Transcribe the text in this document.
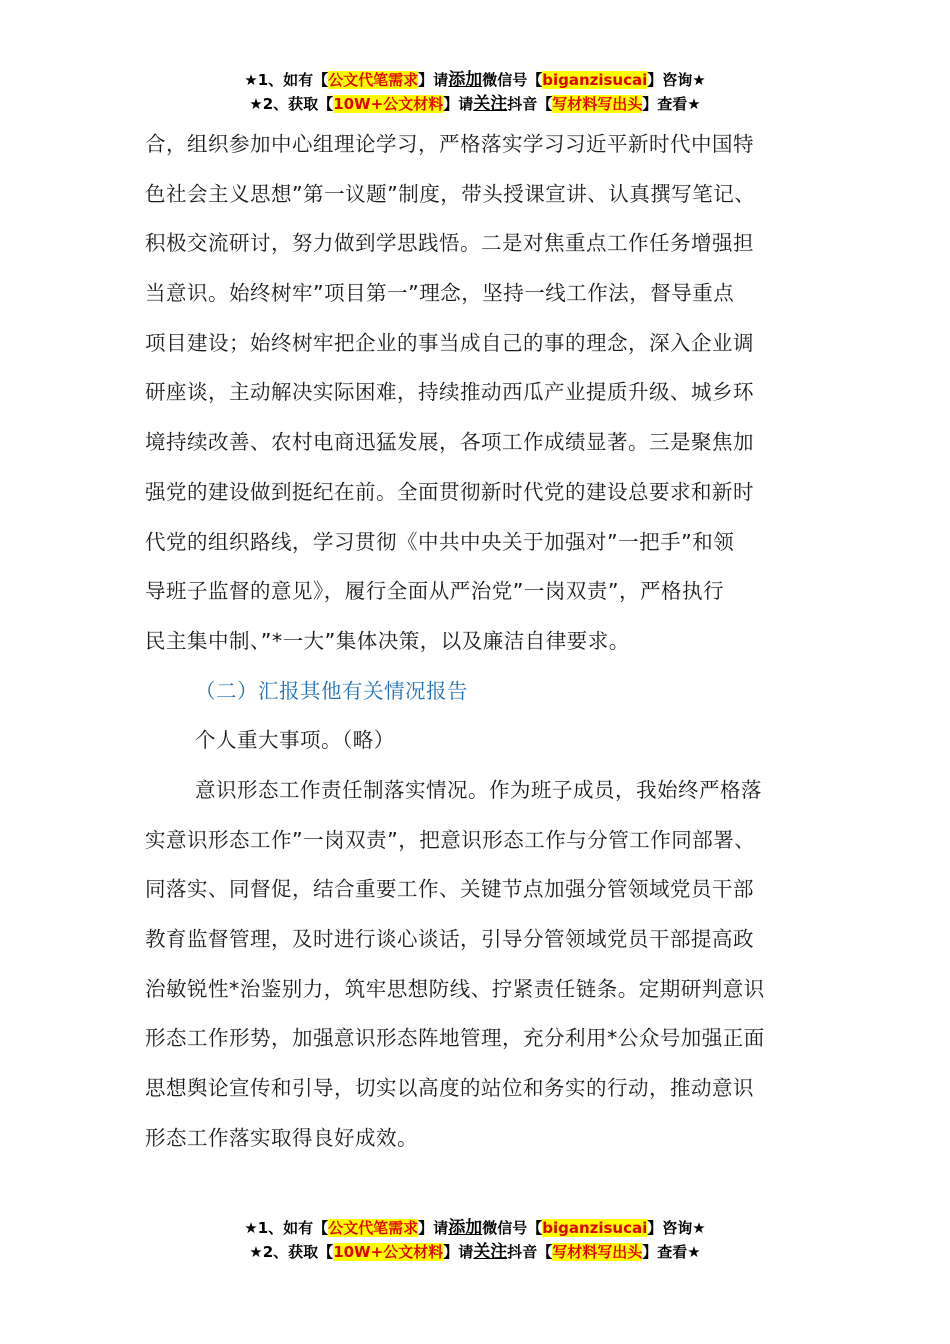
★1、如有【公文代笔需求】请添加微信号【biganzisucai】咨询★
★2、获取【10W+公文材料】请关注抖音【写材料写出头】查看★
合，组织参加中心组理论学习，严格落实学习习近平新时代中国特
色社会主义思想”第一议题”制度，带头授课宣讲、认真撰写笔记、
积极交流研讨，努力做到学思践悟。二是对焦重点工作任务增强担
当意识。始终树牢”项目第一”理念，坚持一线工作法，督导重点
项目建设；始终树牢把企业的事当成自己的事的理念，深入企业调
研座谈，主动解决实际困难，持续推动西瓜产业提质升级、城乡环
境持续改善、农村电商迅猛发展，各项工作成绩显著。三是聚焦加
强党的建设做到挺纪在前。全面贯彻新时代党的建设总要求和新时
代党的组织路线，学习贯彻《中共中央关于加强对”一把手”和领
导班子监督的意见》，履行全面从严治党”一岗双责”，严格执行
民主集中制、”*一大”集体决策，以及廉洁自律要求。
（二）汇报其他有关情况报告
个人重大事项。（略）
意识形态工作责任制落实情况。作为班子成员，我始终严格落
实意识形态工作”一岗双责”，把意识形态工作与分管工作同部署、
同落实、同督促，结合重要工作、关键节点加强分管领域党员干部
教育监督管理，及时进行谈心谈话，引导分管领域党员干部提高政
治敏锐性*治鉴别力，筑牢思想防线、拧紧责任链条。定期研判意识
形态工作形势，加强意识形态阵地管理，充分利用*公众号加强正面
思想舆论宣传和引导，切实以高度的站位和务实的行动，推动意识
形态工作落实取得良好成效。
★1、如有【公文代笔需求】请添加微信号【biganzisucai】咨询★
★2、获取【10W+公文材料】请关注抖音【写材料写出头】查看★
